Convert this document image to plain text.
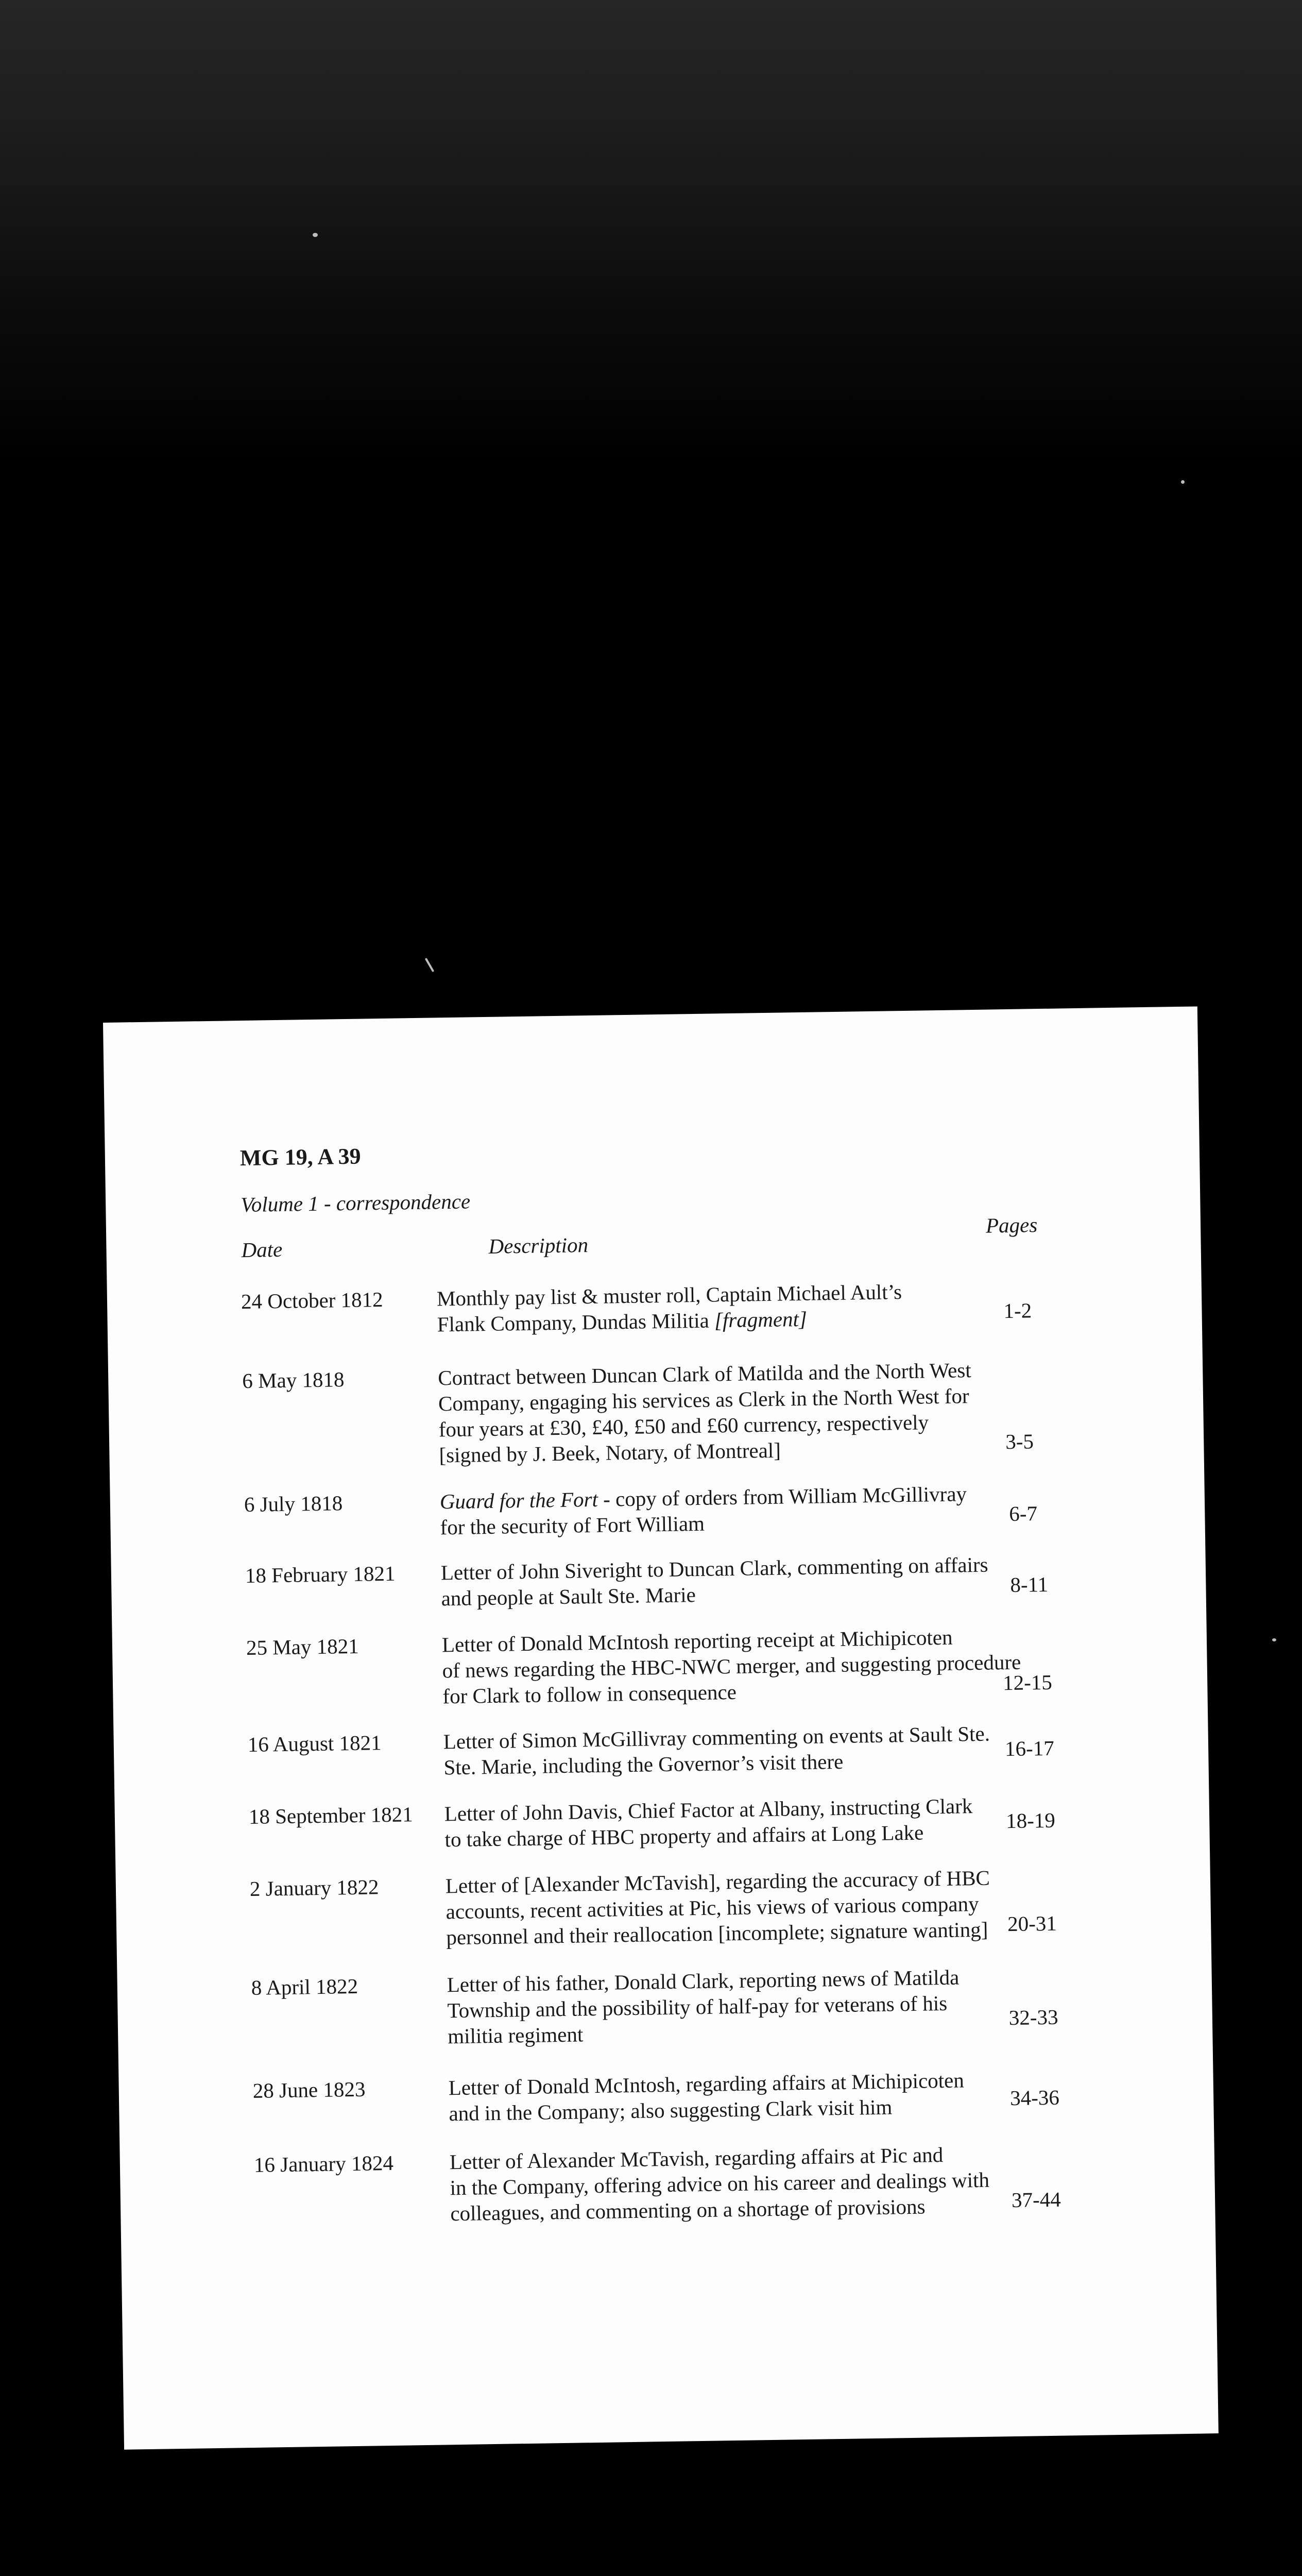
MG 19, A 39
Volume 1 - correspondence
Date	Description
Pages
24 October 1812	Monthly pay list & muster roll, Captain Michael Ault’s
Flank Company, Dundas Militia [fragment]	1-2
6 May 1818	Contract between Duncan Clark of Matilda and the North West
Company, engaging his services as Clerk in the North West for
four years at £30, £40, £50 and £60 currency, respectively
[signed by J. Beek, Notary, of Montreal]	3-5
6 July 1818	Guard for the Fort - copy of orders from William McGillivray
for the security of Fort William	6-7
18 February 1821 Letter of John Siveright to Duncan Clark, commenting on affairs
and people at Sault Ste. Marie	8-11
25 May 1821	Letter of Donald McIntosh reporting receipt at Michipicoten
of news regarding the HBC-NWC merger, and suggesting procedure
for Clark to follow in consequence	12-15
16 August 1821	Letter of Simon McGillivray commenting on events at Sault Ste.
Ste. Marie, including the Governor’s visit there
16-17
18 September 1821 Letter of John Davis, Chief Factor at Albany, instructing Clark
to take charge of HBC property and affairs at Long Lake
18-19
2 January 1822	Letter of [Alexander McTavish], regarding the accuracy of HBC
accounts, recent activities at Pic, his views of various company
personnel and their reallocation [incomplete; signature wanting] 20-31
8 April 1822	Letter of his father, Donald Clark, reporting news of Matilda
Township and the possibility of half-pay for veterans of his
militia regiment
32-33
28 June 1823	Letter of Donald McIntosh, regarding affairs at Michipicoten
and in the Company; also suggesting Clark visit him	34-36
16 January 1824	Letter of Alexander McTavish, regarding affairs at Pic and
in the Company, offering advice on his career and dealings with
colleagues, and commenting on a shortage of provisions	37-44
